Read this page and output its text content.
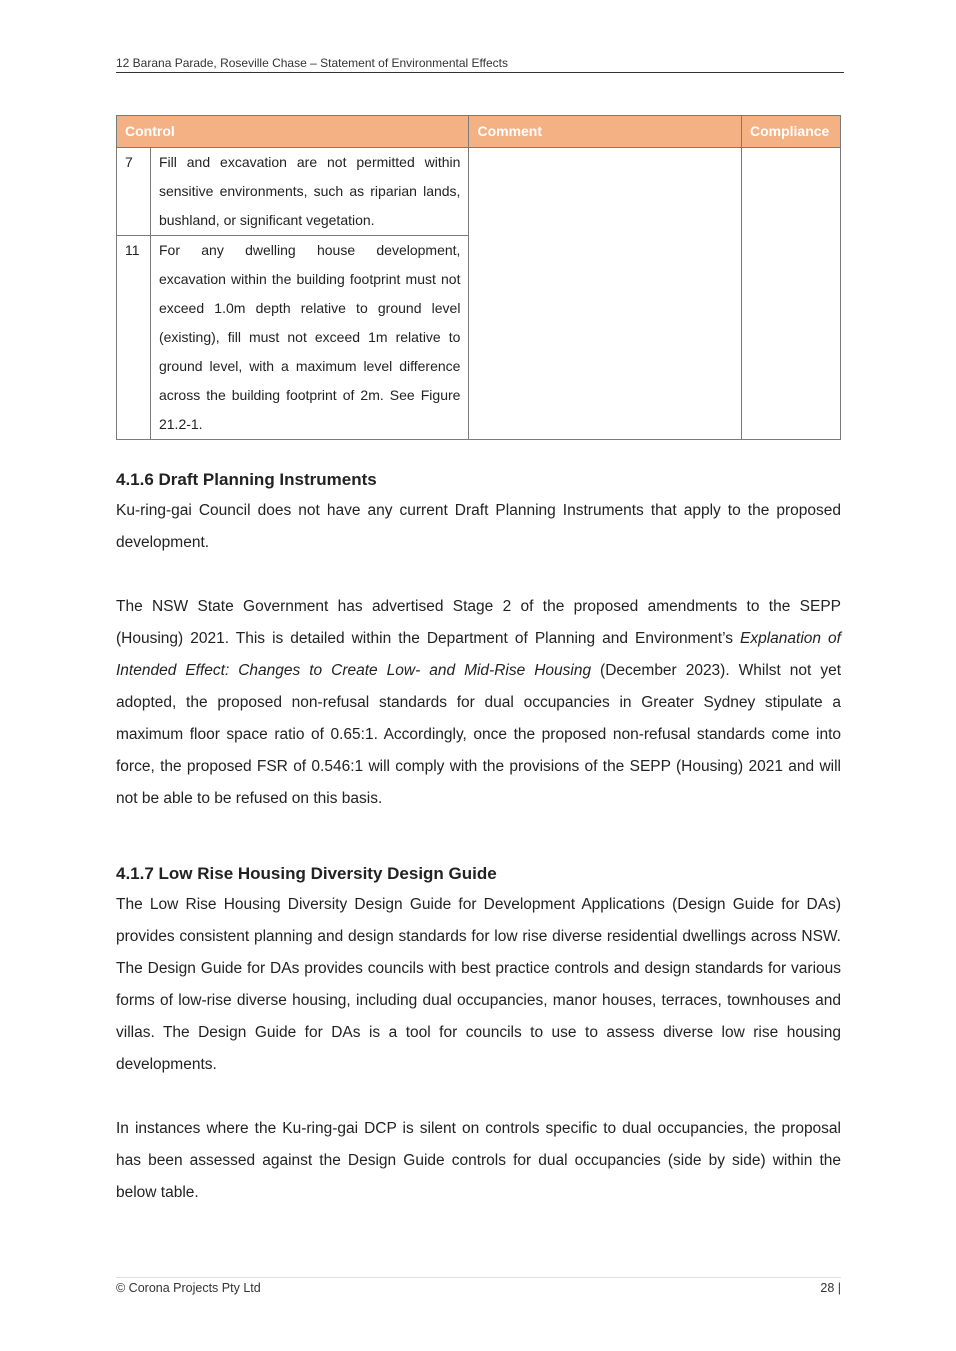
12 Barana Parade, Roseville Chase – Statement of Environmental Effects
Control		Comment	Compliance
7	Fill and excavation are not permitted within sensitive environments, such as riparian lands, bushland, or significant vegetation.		
11	For any dwelling house development, excavation within the building footprint must not exceed 1.0m depth relative to ground level (existing), fill must not exceed 1m relative to ground level, with a maximum level difference across the building footprint of 2m. See Figure 21.2-1.		
4.1.6 Draft Planning Instruments

Ku-ring-gai Council does not have any current Draft Planning Instruments that apply to the proposed development.

The NSW State Government has advertised Stage 2 of the proposed amendments to the SEPP (Housing) 2021. This is detailed within the Department of Planning and Environment’s Explanation of Intended Effect: Changes to Create Low- and Mid-Rise Housing (December 2023). Whilst not yet adopted, the proposed non-refusal standards for dual occupancies in Greater Sydney stipulate a maximum floor space ratio of 0.65:1. Accordingly, once the proposed non-refusal standards come into force, the proposed FSR of 0.546:1 will comply with the provisions of the SEPP (Housing) 2021 and will not be able to be refused on this basis.

4.1.7 Low Rise Housing Diversity Design Guide

The Low Rise Housing Diversity Design Guide for Development Applications (Design Guide for DAs) provides consistent planning and design standards for low rise diverse residential dwellings across NSW. The Design Guide for DAs provides councils with best practice controls and design standards for various forms of low-rise diverse housing, including dual occupancies, manor houses, terraces, townhouses and villas. The Design Guide for DAs is a tool for councils to use to assess diverse low rise housing developments.

In instances where the Ku-ring-gai DCP is silent on controls specific to dual occupancies, the proposal has been assessed against the Design Guide controls for dual occupancies (side by side) within the below table.

© Corona Projects Pty Ltd	28 |
